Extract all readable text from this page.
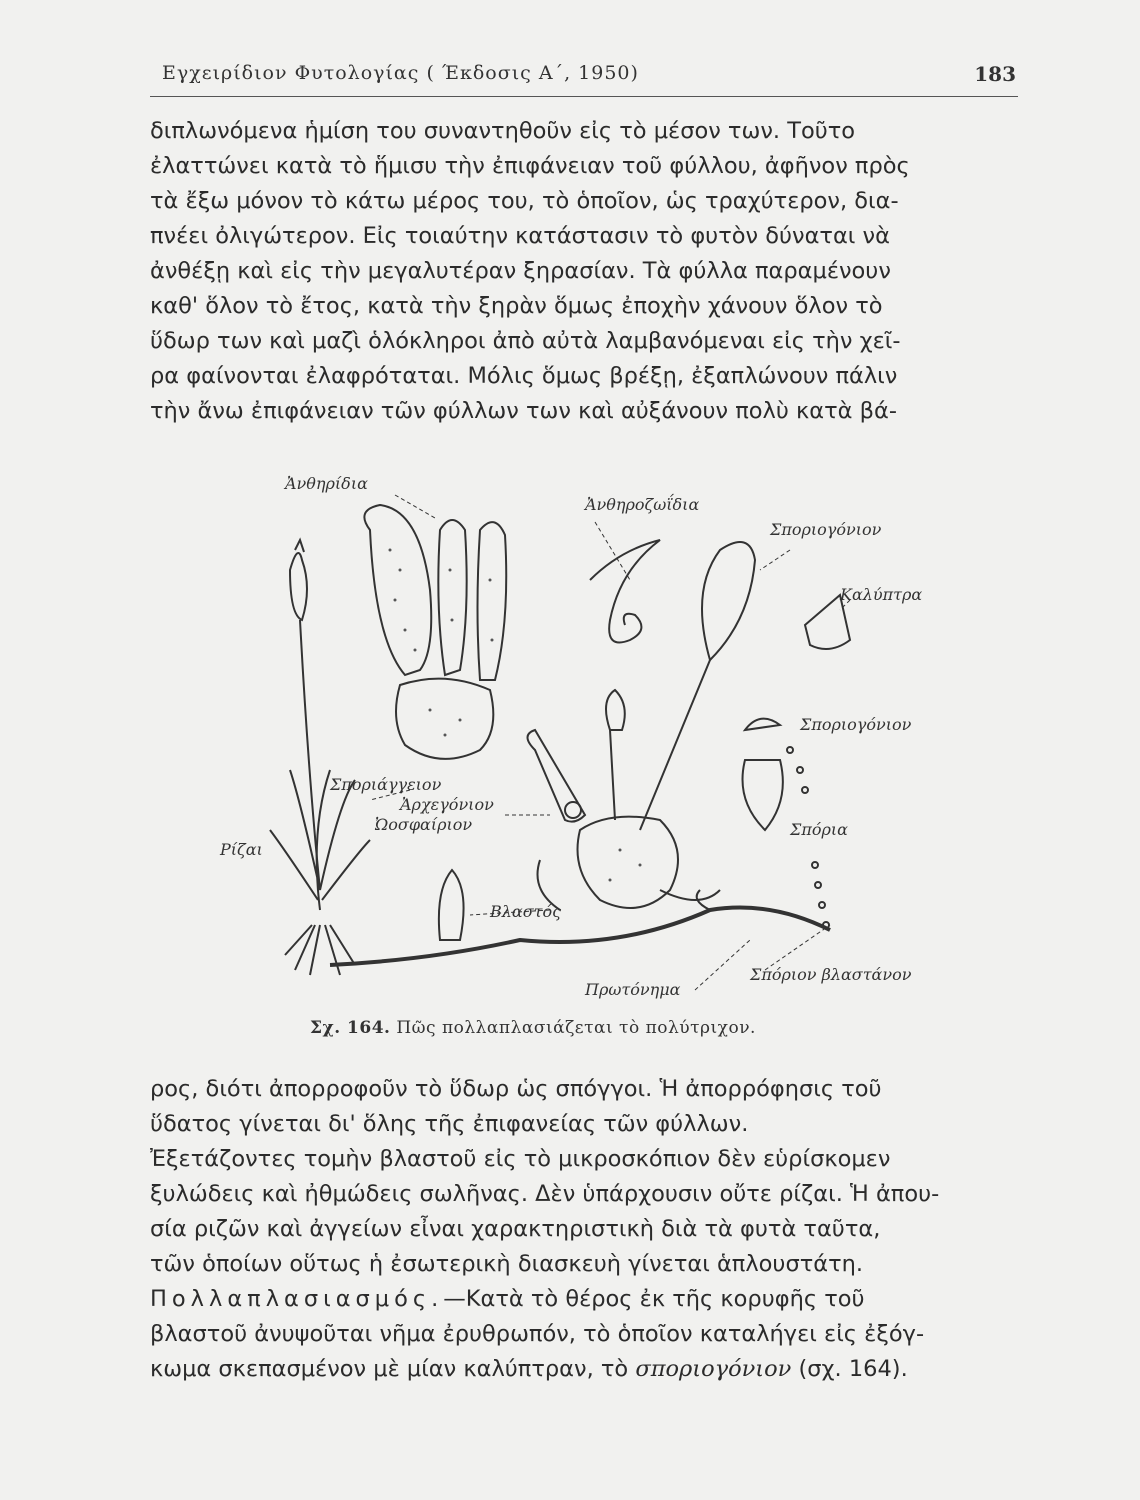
Εγχειρίδιον Φυτολογίας ( Έκδοσις Α΄, 1950)	183

διπλωνόμενα ἡμίση του συναντηθοῦν εἰς τὸ μέσον των. Τοῦτο
ἐλαττώνει κατὰ τὸ ἥμισυ τὴν ἐπιφάνειαν τοῦ φύλλου, ἀφῆνον πρὸς
τὰ ἔξω μόνον τὸ κάτω μέρος του, τὸ ὁποῖον, ὡς τραχύτερον, δια-
πνέει ὀλιγώτερον. Εἰς τοιαύτην κατάστασιν τὸ φυτὸν δύναται νὰ
ἀνθέξῃ καὶ εἰς τὴν μεγαλυτέραν ξηρασίαν. Τὰ φύλλα παραμένουν
καθ' ὅλον τὸ ἔτος, κατὰ τὴν ξηρὰν ὅμως ἐποχὴν χάνουν ὅλον τὸ
ὕδωρ των καὶ μαζὶ ὁλόκληροι ἀπὸ αὐτὰ λαμβανόμεναι εἰς τὴν χεῖ-
ρα φαίνονται ἐλαφρόταται. Μόλις ὅμως βρέξῃ, ἐξαπλώνουν πάλιν
τὴν ἄνω ἐπιφάνειαν τῶν φύλλων των καὶ αὐξάνουν πολὺ κατὰ βά-

Ἀνθηρίδια
Ἀνθηροζωΐδια
Σποριογόνιον
Καλύπτρα
Σποριογόνιον
Σπόρια
Σποριάγγειον
Ἀρχεγόνιον
Ὠοσφαίριον
Ρίζαι
Βλαστός
Πρωτόνημα
Σπόριον βλαστάνον
Σχ. 164. Πῶς πολλαπλασιάζεται τὸ πολύτριχον.

ρος, διότι ἀπορροφοῦν τὸ ὕδωρ ὡς σπόγγοι. Ἡ ἀπορρόφησις τοῦ
ὕδατος γίνεται δι' ὅλης τῆς ἐπιφανείας τῶν φύλλων.
Ἐξετάζοντες τομὴν βλαστοῦ εἰς τὸ μικροσκόπιον δὲν εὑρίσκομεν
ξυλώδεις καὶ ἠθμώδεις σωλῆνας. Δὲν ὑπάρχουσιν οὔτε ρίζαι. Ἡ ἀπου-
σία ριζῶν καὶ ἀγγείων εἶναι χαρακτηριστικὴ διὰ τὰ φυτὰ ταῦτα,
τῶν ὁποίων οὕτως ἡ ἐσωτερικὴ διασκευὴ γίνεται ἁπλουστάτη.
Πολλαπλασιασμός.—Κατὰ τὸ θέρος ἐκ τῆς κορυφῆς τοῦ
βλαστοῦ ἀνυψοῦται νῆμα ἐρυθρωπόν, τὸ ὁποῖον καταλήγει εἰς ἐξόγ-
κωμα σκεπασμένον μὲ μίαν καλύπτραν, τὸ σποριογόνιον (σχ. 164).
